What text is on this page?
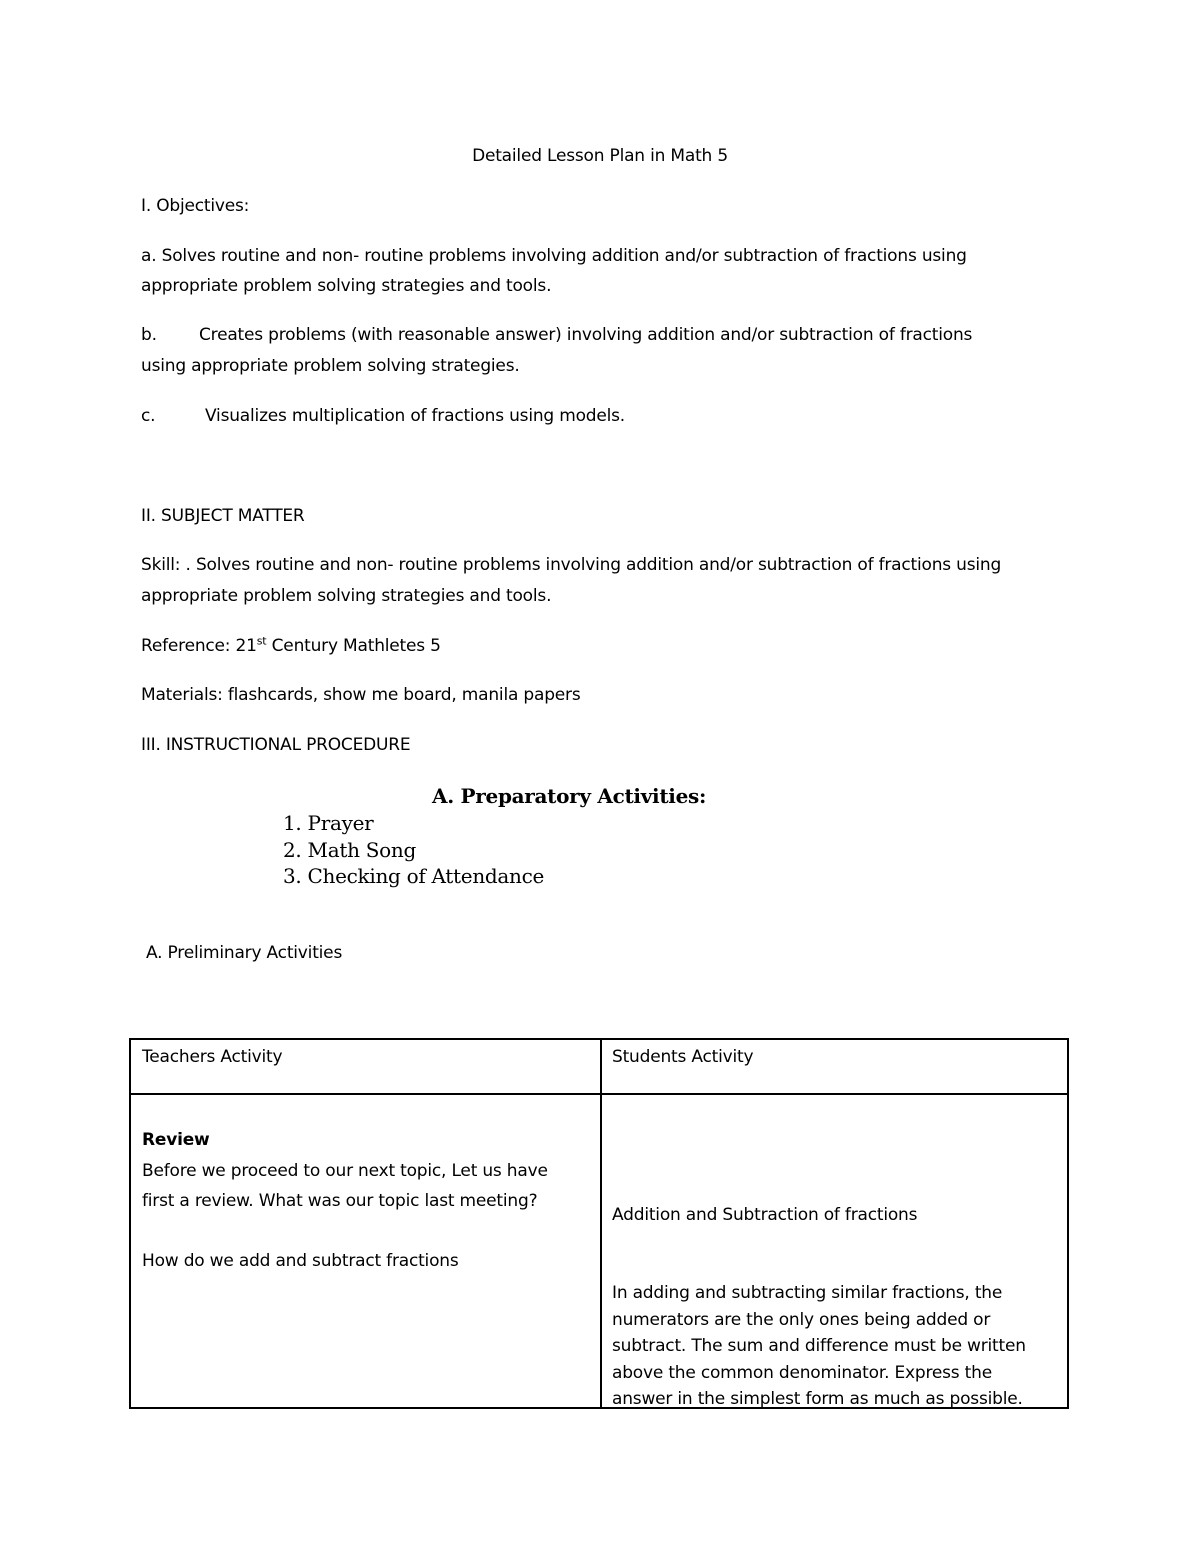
Detailed Lesson Plan in Math 5
I. Objectives:
a. Solves routine and non- routine problems involving addition and/or subtraction of fractions using
appropriate problem solving strategies and tools.
b. Creates problems (with reasonable answer) involving addition and/or subtraction of fractions
using appropriate problem solving strategies.
c.	Visualizes multiplication of fractions using models.
II. SUBJECT MATTER
Skill: . Solves routine and non- routine problems involving addition and/or subtraction of fractions using
appropriate problem solving strategies and tools.
Reference: 21st Century Mathletes 5
Materials: flashcards, show me board, manila papers
III. INSTRUCTIONAL PROCEDURE
A. Preparatory Activities:
1. Prayer
2. Math Song
3. Checking of Attendance
A. Preliminary Activities
Teachers Activity	Students Activity
Review
Before we proceed to our next topic, Let us have
first a review. What was our topic last meeting?
How do we add and subtract fractions
Addition and Subtraction of fractions
In adding and subtracting similar fractions, the
numerators are the only ones being added or
subtract. The sum and difference must be written
above the common denominator. Express the
answer in the simplest form as much as possible.
